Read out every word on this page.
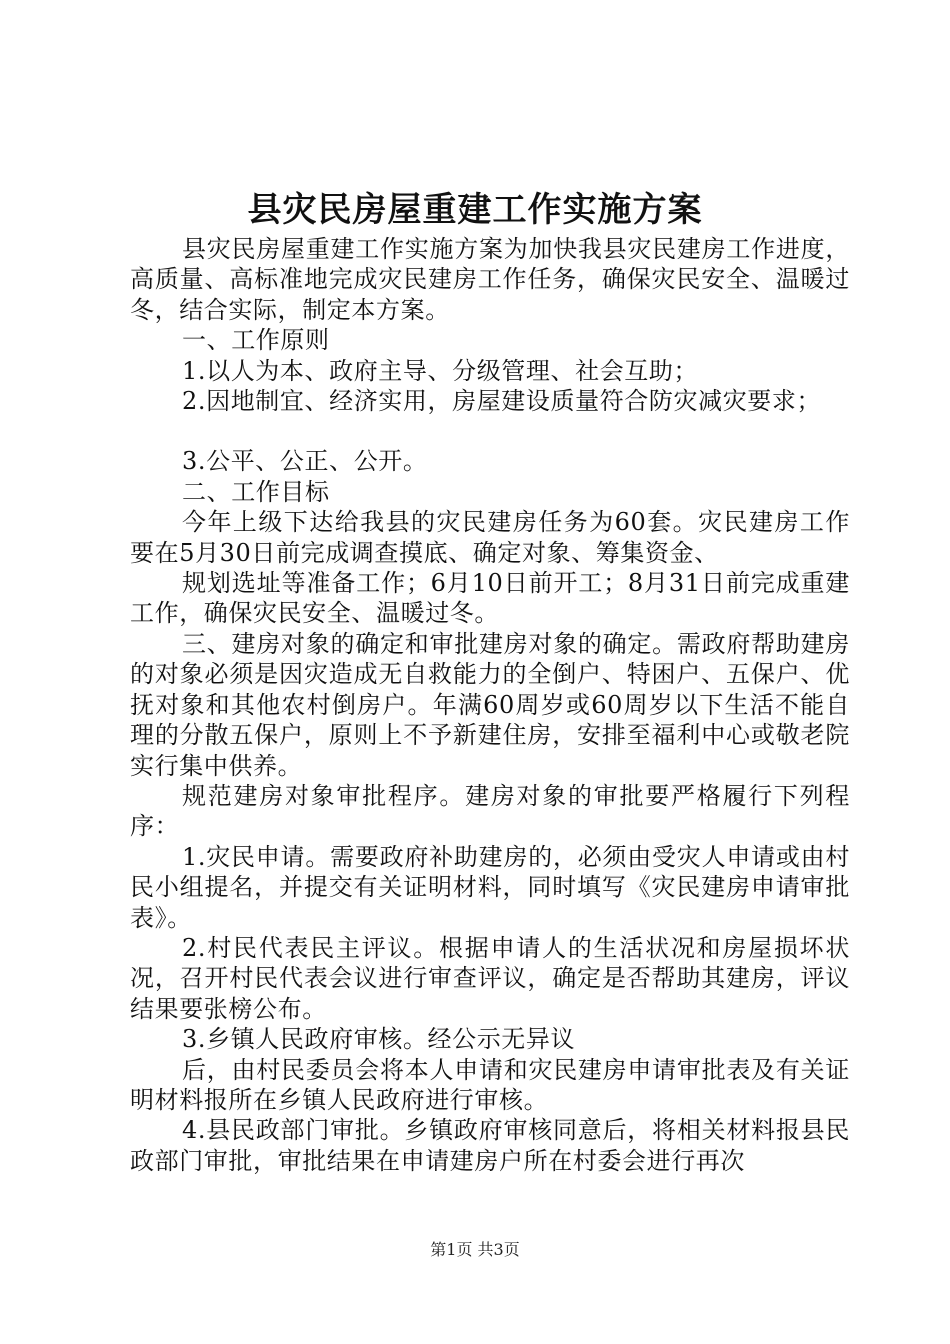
县灾民房屋重建工作实施方案

县灾民房屋重建工作实施方案为加快我县灾民建房工作进度，高质量、高标准地完成灾民建房工作任务，确保灾民安全、温暖过冬，结合实际，制定本方案。

一、工作原则

1.以人为本、政府主导、分级管理、社会互助；

2.因地制宜、经济实用，房屋建设质量符合防灾减灾要求；

3.公平、公正、公开。

二、工作目标

今年上级下达给我县的灾民建房任务为60套。灾民建房工作要在5月30日前完成调查摸底、确定对象、筹集资金、

规划选址等准备工作；6月10日前开工；8月31日前完成重建工作，确保灾民安全、温暖过冬。

三、建房对象的确定和审批建房对象的确定。需政府帮助建房的对象必须是因灾造成无自救能力的全倒户、特困户、五保户、优抚对象和其他农村倒房户。年满60周岁或60周岁以下生活不能自理的分散五保户，原则上不予新建住房，安排至福利中心或敬老院实行集中供养。

规范建房对象审批程序。建房对象的审批要严格履行下列程序：

1.灾民申请。需要政府补助建房的，必须由受灾人申请或由村民小组提名，并提交有关证明材料，同时填写《灾民建房申请审批表》。

2.村民代表民主评议。根据申请人的生活状况和房屋损坏状况，召开村民代表会议进行审查评议，确定是否帮助其建房，评议结果要张榜公布。

3.乡镇人民政府审核。经公示无异议

后，由村民委员会将本人申请和灾民建房申请审批表及有关证明材料报所在乡镇人民政府进行审核。

4.县民政部门审批。乡镇政府审核同意后，将相关材料报县民政部门审批，审批结果在申请建房户所在村委会进行再次

第1页 共3页
